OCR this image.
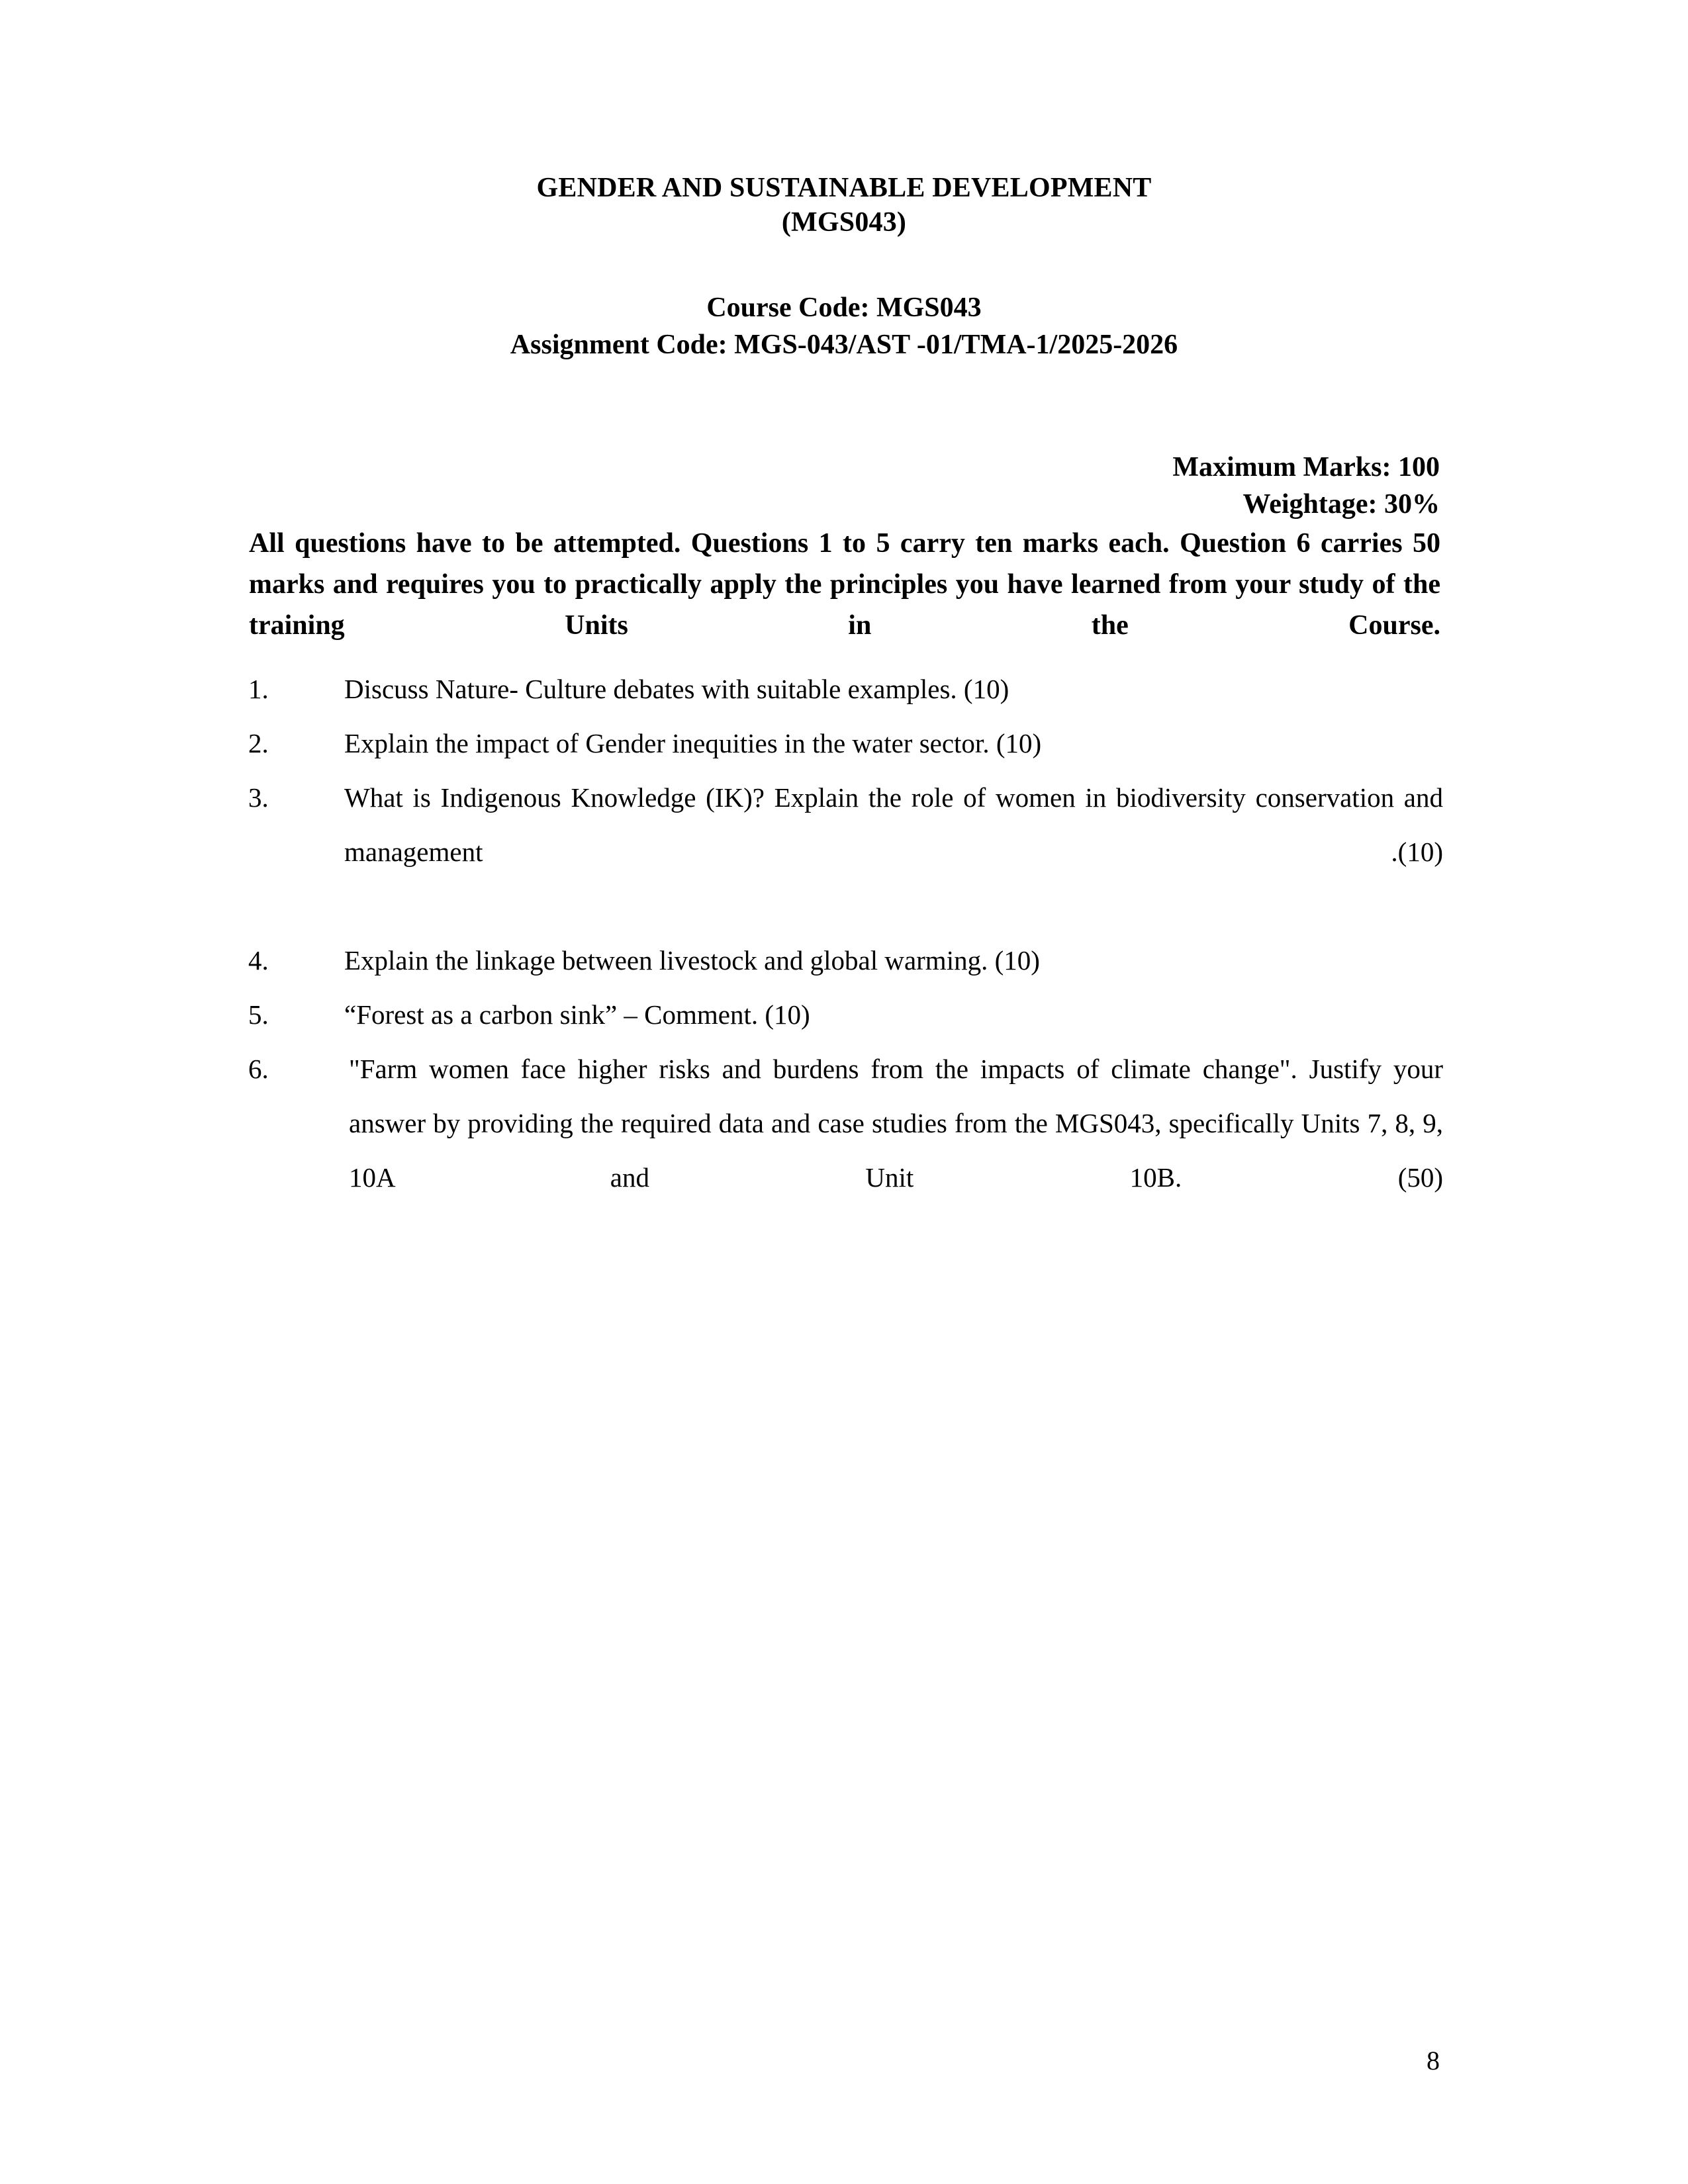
GENDER AND SUSTAINABLE DEVELOPMENT
(MGS043)
Course Code: MGS043
Assignment Code: MGS-043/AST -01/TMA-1/2025-2026
Maximum Marks: 100
Weightage: 30%
All questions have to be attempted. Questions 1 to 5 carry ten marks each. Question 6 carries 50 marks and requires you to practically apply the principles you have learned from your study of the training Units in the Course.
1.	Discuss Nature- Culture debates with suitable examples. (10)
2.	Explain the impact of Gender inequities in the water sector. (10)
3.	What is Indigenous Knowledge (IK)? Explain the role of women in biodiversity conservation and management .(10)
4.	Explain the linkage between livestock and global warming. (10)
5.	“Forest as a carbon sink” – Comment. (10)
6.	"Farm women face higher risks and burdens from the impacts of climate change". Justify your answer by providing the required data and case studies from the MGS043, specifically Units 7, 8, 9, 10A and Unit 10B. (50)
8
